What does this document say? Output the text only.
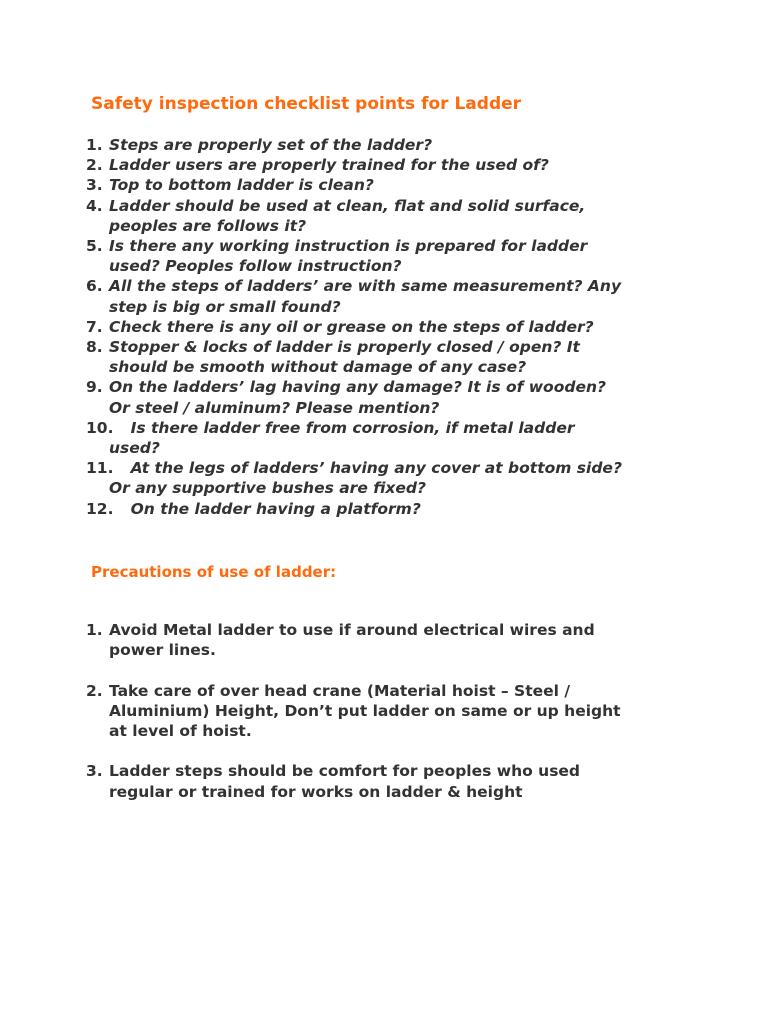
Safety inspection checklist points for Ladder
1. Steps are properly set of the ladder?
2. Ladder users are properly trained for the used of?
3. Top to bottom ladder is clean?
4. Ladder should be used at clean, flat and solid surface,
peoples are follows it?
5. Is there any working instruction is prepared for ladder
used? Peoples follow instruction?
6. All the steps of ladders’ are with same measurement? Any
step is big or small found?
7. Check there is any oil or grease on the steps of ladder?
8. Stopper & locks of ladder is properly closed / open? It
should be smooth without damage of any case?
9. On the ladders’ lag having any damage? It is of wooden?
Or steel / aluminum? Please mention?
10.
Is there ladder free from corrosion, if metal ladder
used?
11.
At the legs of ladders’ having any cover at bottom side?
Or any supportive bushes are fixed?
12.
On the ladder having a platform?
Precautions of use of ladder:
1. Avoid Metal ladder to use if around electrical wires and
power lines.
2. Take care of over head crane (Material hoist – Steel /
Aluminium) Height, Don’t put ladder on same or up height
at level of hoist.
3. Ladder steps should be comfort for peoples who used
regular or trained for works on ladder & height
